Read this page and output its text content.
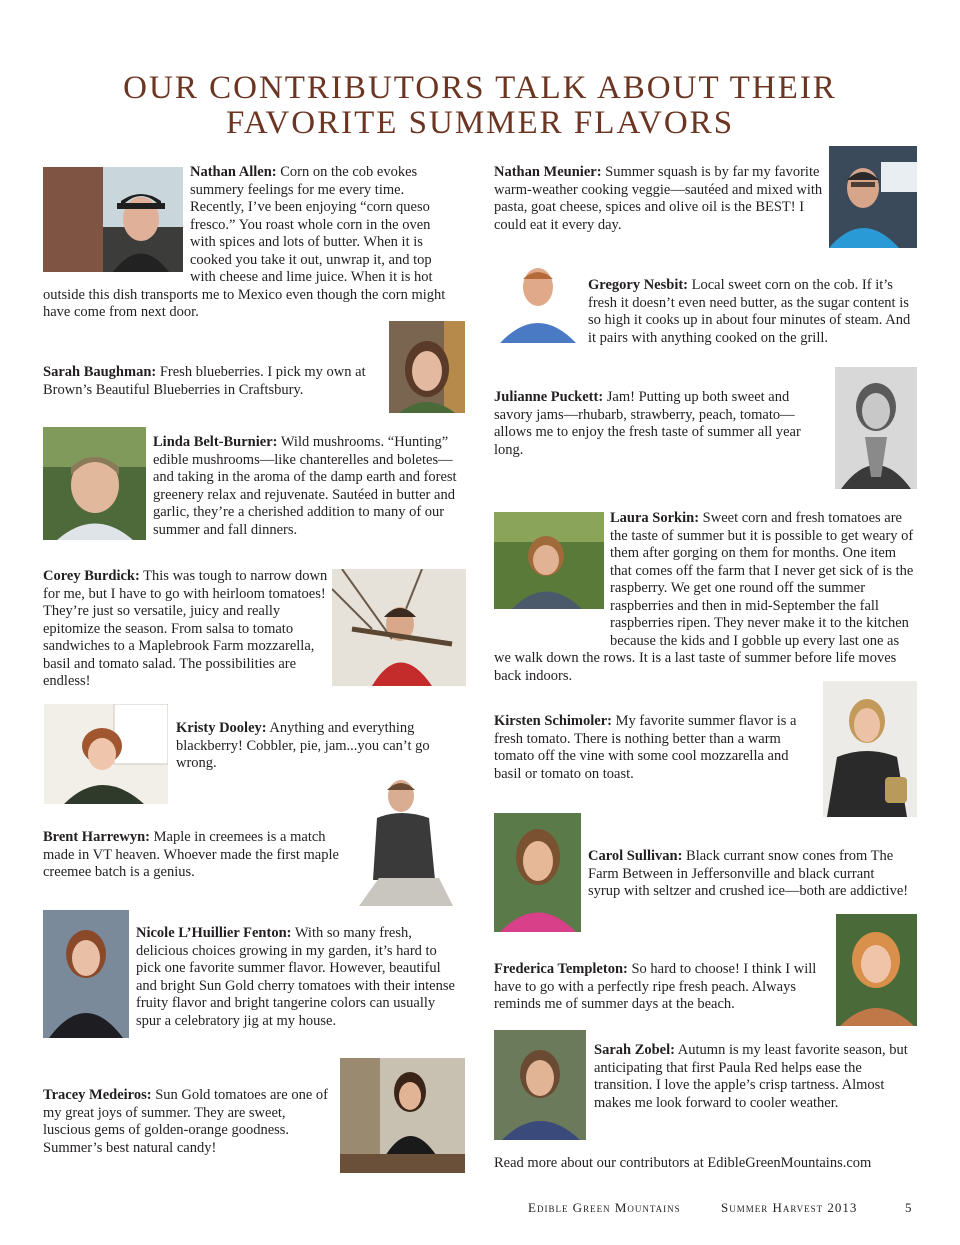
OUR CONTRIBUTORS TALK ABOUT THEIR
FAVORITE SUMMER FLAVORS

Nathan Allen: Corn on the cob evokes summery feelings for me every time. Recently, I’ve been enjoying “corn queso fresco.” You roast whole corn in the oven with spices and lots of butter. When it is cooked you take it out, unwrap it, and top with cheese and lime juice. When it is hot outside this dish transports me to Mexico even though the corn might have come from next door.

Sarah Baughman: Fresh blueberries. I pick my own at Brown’s Beautiful Blueberries in Craftsbury.

Linda Belt-Burnier: Wild mushrooms. “Hunting” edible mushrooms—like chanterelles and boletes—and taking in the aroma of the damp earth and forest greenery relax and rejuvenate. Sautéed in butter and garlic, they’re a cherished addition to many of our summer and fall dinners.

Corey Burdick: This was tough to narrow down for me, but I have to go with heirloom tomatoes! They’re just so versatile, juicy and really epitomize the season. From salsa to tomato sandwiches to a Maplebrook Farm mozzarella, basil and tomato salad. The possibilities are endless!

Kristy Dooley: Anything and everything blackberry! Cobbler, pie, jam...you can’t go wrong.

Brent Harrewyn: Maple in creemees is a match made in VT heaven. Whoever made the first maple creemee batch is a genius.

Nicole L’Huillier Fenton: With so many fresh, delicious choices growing in my garden, it’s hard to pick one favorite summer flavor. However, beautiful and bright Sun Gold cherry tomatoes with their intense fruity flavor and bright tangerine colors can usually spur a celebratory jig at my house.

Tracey Medeiros: Sun Gold tomatoes are one of my great joys of summer. They are sweet, luscious gems of golden-orange goodness. Summer’s best natural candy!

Nathan Meunier: Summer squash is by far my favorite warm-weather cooking veggie—sautéed and mixed with pasta, goat cheese, spices and olive oil is the BEST! I could eat it every day.

Gregory Nesbit: Local sweet corn on the cob. If it’s fresh it doesn’t even need butter, as the sugar content is so high it cooks up in about four minutes of steam. And it pairs with anything cooked on the grill.

Julianne Puckett: Jam! Putting up both sweet and savory jams—rhubarb, strawberry, peach, tomato—allows me to enjoy the fresh taste of summer all year long.

Laura Sorkin: Sweet corn and fresh tomatoes are the taste of summer but it is possible to get weary of them after gorging on them for months. One item that comes off the farm that I never get sick of is the raspberry. We get one round off the summer raspberries and then in mid-September the fall raspberries ripen. They never make it to the kitchen because the kids and I gobble up every last one as we walk down the rows. It is a last taste of summer before life moves back indoors.

Kirsten Schimoler: My favorite summer flavor is a fresh tomato. There is nothing better than a warm tomato off the vine with some cool mozzarella and basil or tomato on toast.

Carol Sullivan: Black currant snow cones from The Farm Between in Jeffersonville and black currant syrup with seltzer and crushed ice—both are addictive!

Frederica Templeton: So hard to choose! I think I will have to go with a perfectly ripe fresh peach. Always reminds me of summer days at the beach.

Sarah Zobel: Autumn is my least favorite season, but anticipating that first Paula Red helps ease the transition. I love the apple’s crisp tartness. Almost makes me look forward to cooler weather.

Read more about our contributors at EdibleGreenMountains.com
Edible Green Mountains	Summer Harvest 2013	5
